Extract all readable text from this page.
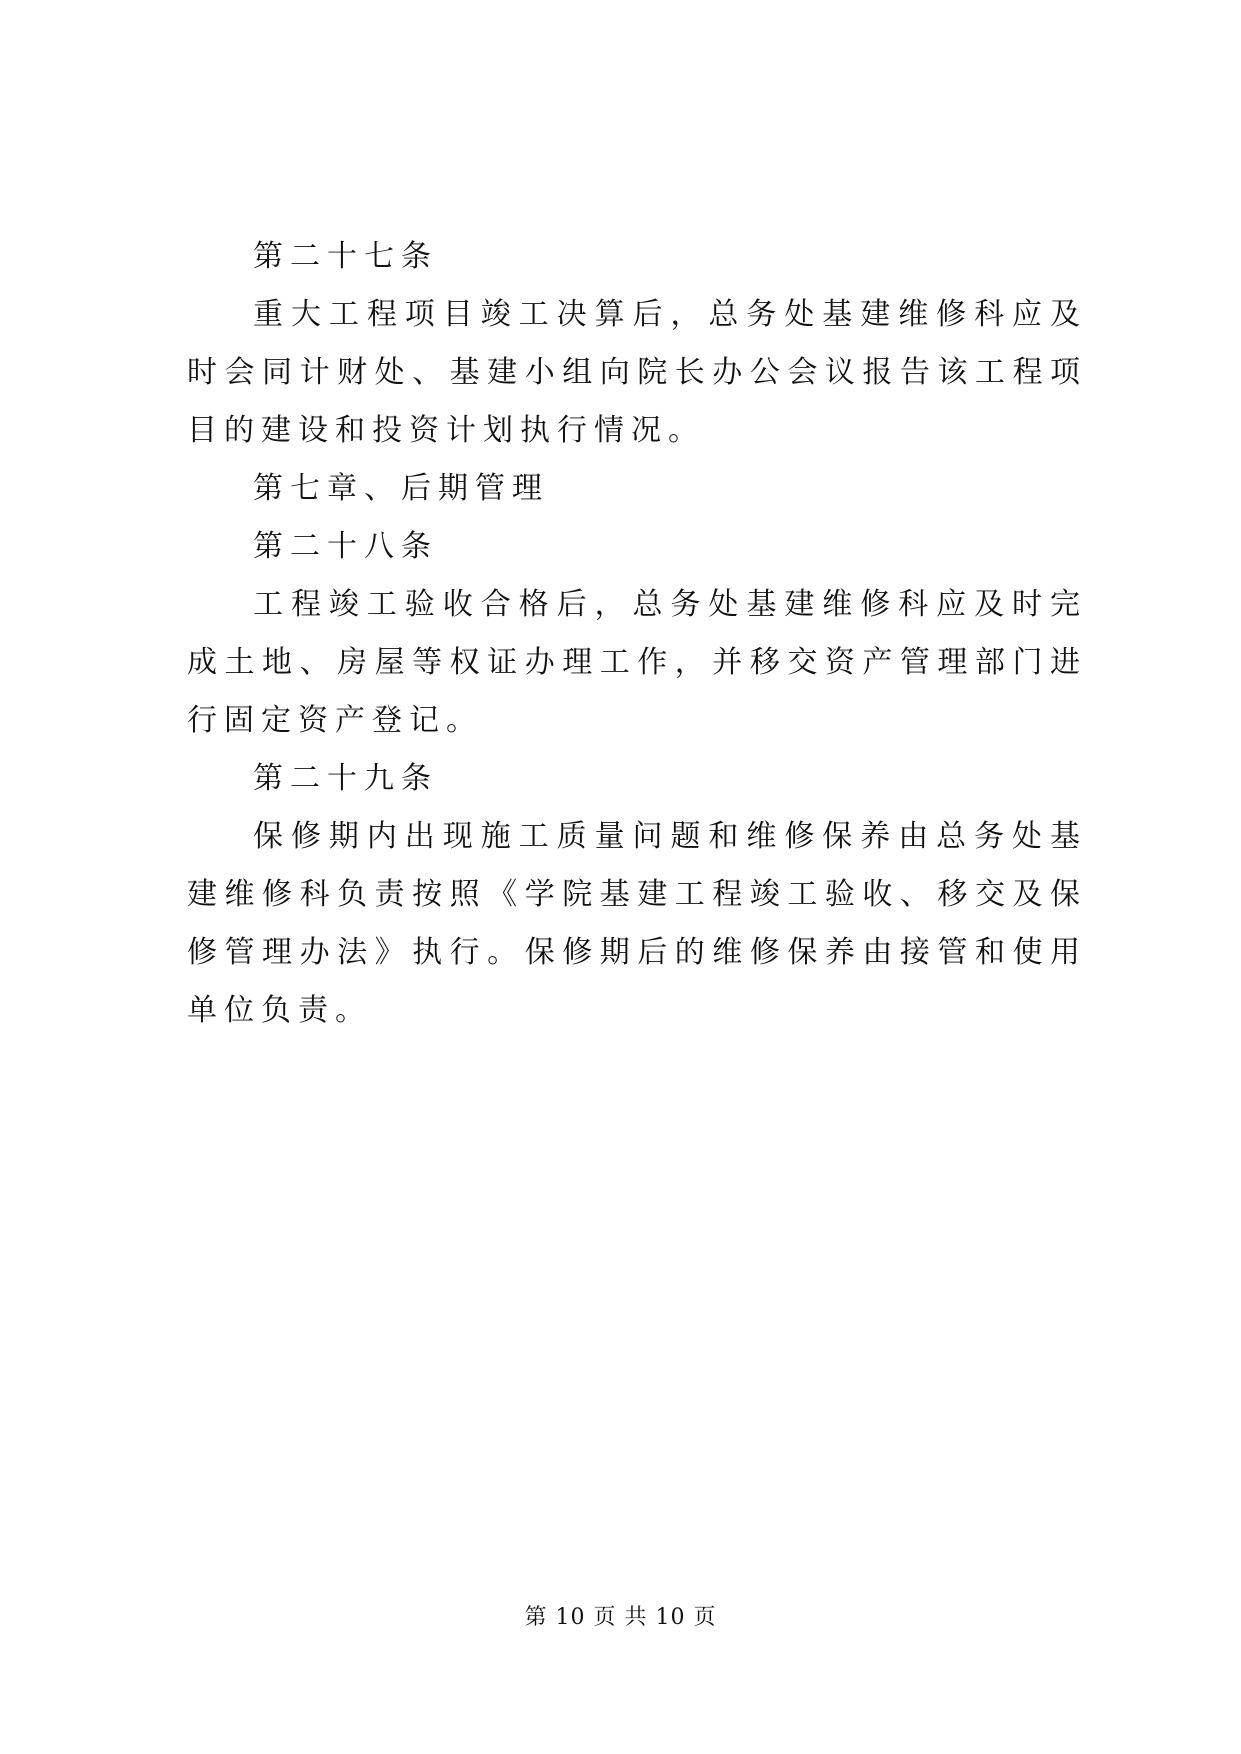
第二十七条

重大工程项目竣工决算后，总务处基建维修科应及时会同计财处、基建小组向院长办公会议报告该工程项目的建设和投资计划执行情况。

第七章、后期管理

第二十八条

工程竣工验收合格后，总务处基建维修科应及时完成土地、房屋等权证办理工作，并移交资产管理部门进行固定资产登记。

第二十九条

保修期内出现施工质量问题和维修保养由总务处基建维修科负责按照《学院基建工程竣工验收、移交及保修管理办法》执行。保修期后的维修保养由接管和使用单位负责。

第 10 页 共 10 页
